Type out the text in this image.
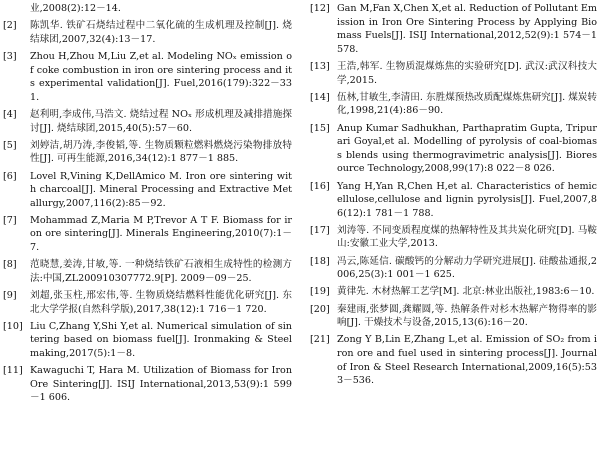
业,2008(2):12－14.
[2]	陈凯华. 铁矿石烧结过程中二氧化硫的生成机理及控制[J]. 烧结球团,2007,32(4):13－17.
[3]	Zhou H,Zhou M,Liu Z,et al. Modeling NOₓ emission of coke combustion in iron ore sintering process and its experimental validation[J]. Fuel,2016(179):322－331.
[4]	赵利明,李成伟,马浩文. 烧结过程 NOₓ 形成机理及减排措施探讨[J]. 烧结球团,2015,40(5):57－60.
[5]	刘婷洁,胡乃涛,李俊韬,等. 生物质颗粒燃料燃烧污染物排放特性[J]. 可再生能源,2016,34(12):1 877－1 885.
[6]	Lovel R,Vining K,DellAmico M. Iron ore sintering with charcoal[J]. Mineral Processing and Extractive Metallurgy,2007,116(2):85－92.
[7]	Mohammad Z,Maria M P,Trevor A T F. Biomass for iron ore sintering[J]. Minerals Engineering,2010(7):1－7.
[8]	范晓慧,姜涛,甘敏,等. 一种烧结铁矿石液相生成特性的检测方法:中国,ZL200910307772.9[P]. 2009－09－25.
[9]	刘超,张玉柱,邢宏伟,等. 生物质烧结燃料性能优化研究[J]. 东北大学学报(自然科学版),2017,38(12):1 716－1 720.
[10] Liu C,Zhang Y,Shi Y,et al. Numerical simulation of sintering based on biomass fuel[J]. Ironmaking & Steelmaking,2017(5):1－8.
[11] Kawaguchi T, Hara M. Utilization of Biomass for Iron Ore Sintering[J]. ISIJ International,2013,53(9):1 599－1 606.
[12] Gan M,Fan X,Chen X,et al. Reduction of Pollutant Emission in Iron Ore Sintering Process by Applying Biomass Fuels[J]. ISIJ International,2012,52(9):1 574－1 578.
[13] 王浩,韩军. 生物质混煤炼焦的实验研究[D]. 武汉:武汉科技大学,2015.
[14] 伍林,甘敏生,李清田. 东胜煤预热改质配煤炼焦研究[J]. 煤炭转化,1998,21(4):86－90.
[15] Anup Kumar Sadhukhan, Parthapratim Gupta, Tripurari Goyal,et al. Modelling of pyrolysis of coal-biomass blends using thermogravimetric analysis[J]. Bioresource Technology,2008,99(17):8 022－8 026.
[16] Yang H,Yan R,Chen H,et al. Characteristics of hemicellulose,cellulose and lignin pyrolysis[J]. Fuel,2007,86(12):1 781－1 788.
[17] 刘涛等. 不同变质程度煤的热解特性及其共炭化研究[D]. 马鞍山:安徽工业大学,2013.
[18] 冯云,陈延信. 碳酸钙的分解动力学研究进展[J]. 硅酸盐通报,2006,25(3):1 001－1 625.
[19] 黄律先. 木材热解工艺学[M]. 北京:林业出版社,1983:6－10.
[20] 秦建雨,张梦圆,龚耀圆,等. 热解条件对杉木热解产物得率的影响[J]. 干燥技术与设备,2015,13(6):16－20.
[21] Zong Y B,Lin E,Zhang L,et al. Emission of SO₂ from iron ore and fuel used in sintering process[J]. Journal of Iron & Steel Research International,2009,16(5):533－536.
